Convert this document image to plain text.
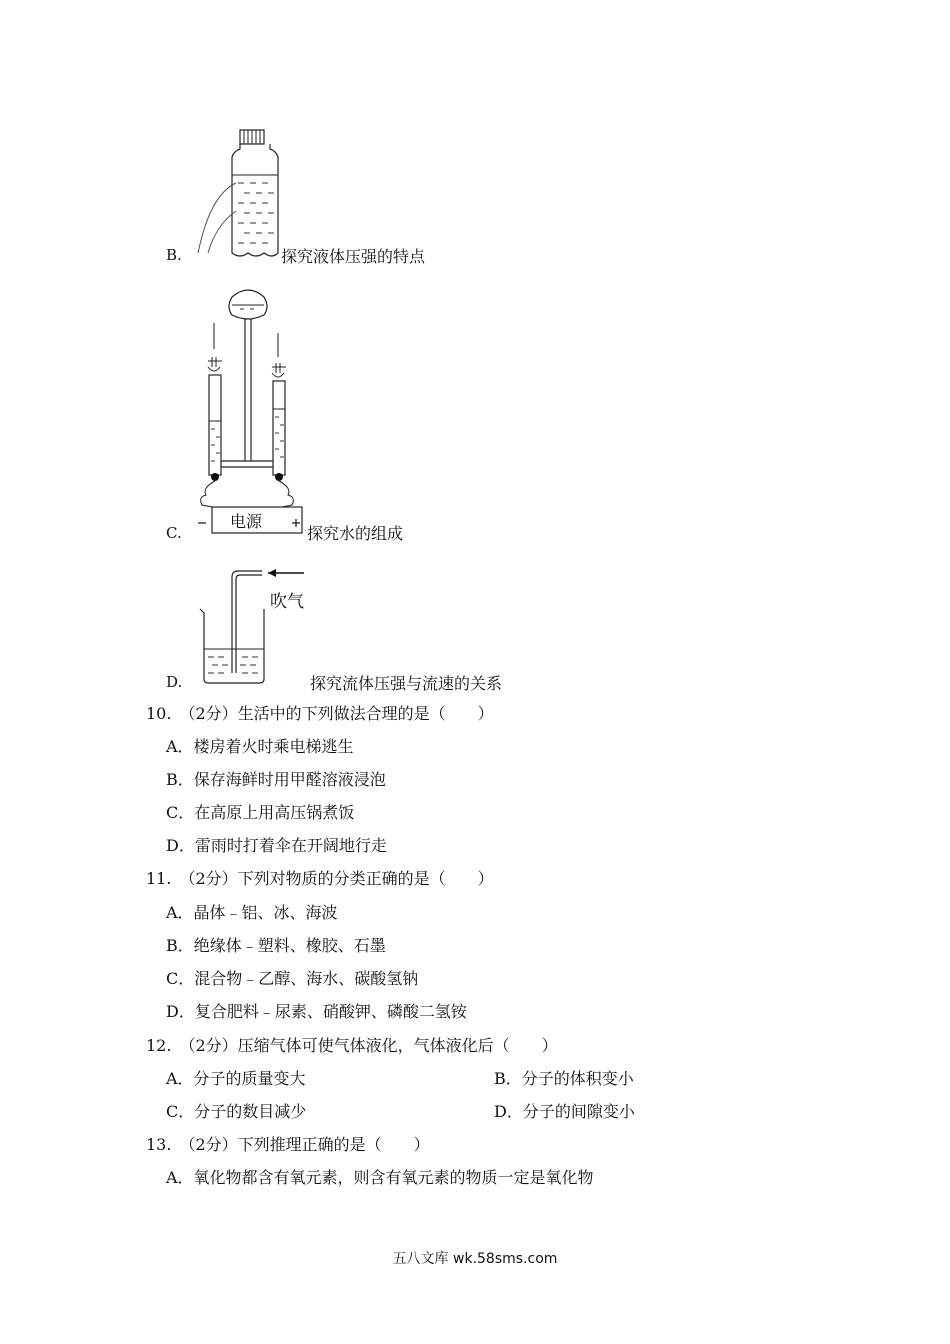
B.	探究液体压强的特点
电源
C.	探究水的组成
吹气
D.	探究流体压强与流速的关系
10.　（2分）生活中的下列做法合理的是（　　）
A．楼房着火时乘电梯逃生
B．保存海鲜时用甲醛溶液浸泡
C．在高原上用高压锅煮饭
D．雷雨时打着伞在开阔地行走
11.　（2分）下列对物质的分类正确的是（　　）
A．晶体﹣铝、冰、海波
B．绝缘体﹣塑料、橡胶、石墨
C．混合物﹣乙醇、海水、碳酸氢钠
D．复合肥料﹣尿素、硝酸钾、磷酸二氢铵
12.　（2分）压缩气体可使气体液化，气体液化后（　　）
A．分子的质量变大	B．分子的体积变小
C．分子的数目减少	D．分子的间隙变小
13.　（2分）下列推理正确的是（　　）
A．氧化物都含有氧元素，则含有氧元素的物质一定是氧化物
五八文库 wk.58sms.com
